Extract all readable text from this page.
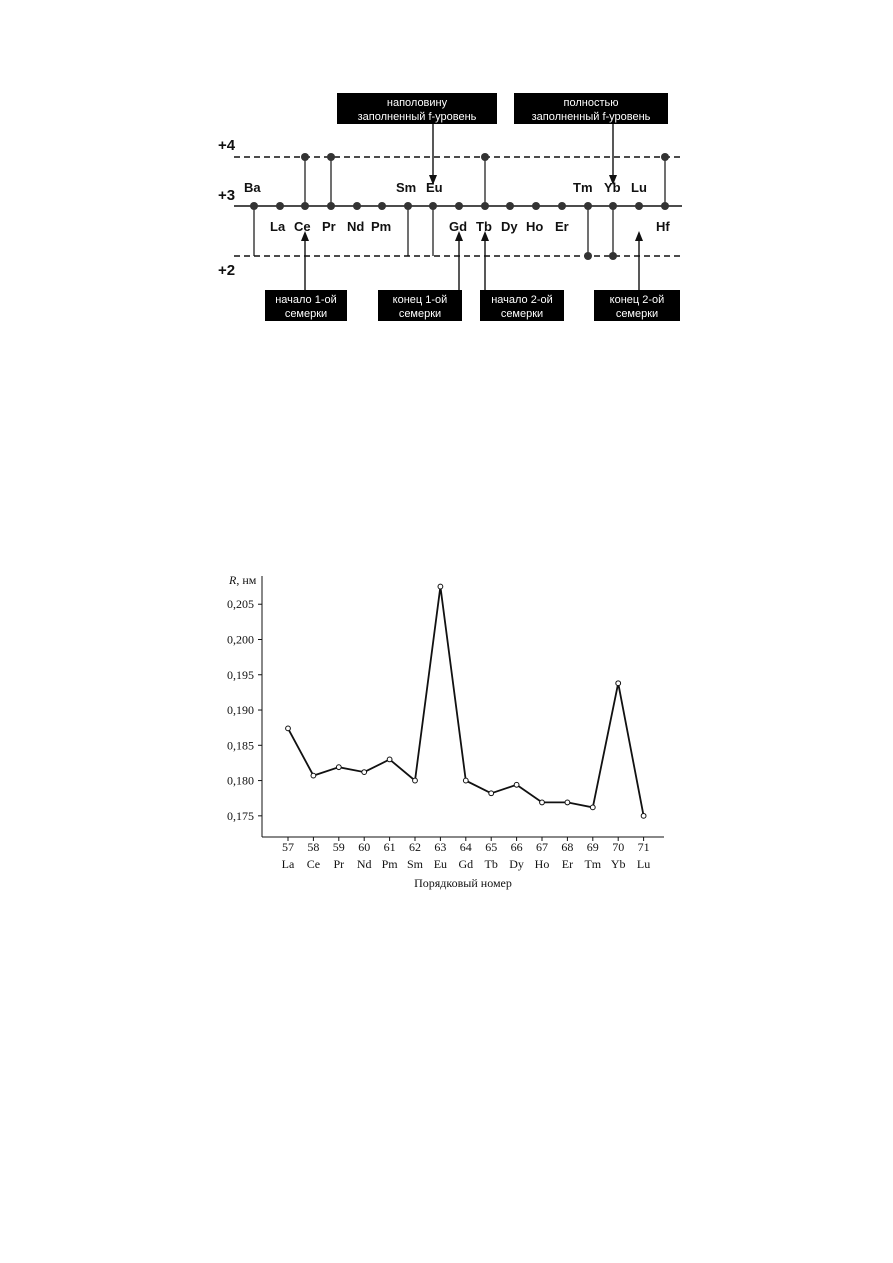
+4
+3
+2
Ba
La Ce Pr Nd Pm
Sm Eu
Gd Tb Dy Ho Er
Tm Yb Lu
Hf
наполовину
заполненный f-уровень
полностью
заполненный f-уровень
начало 1-ой
семерки
конец 1-ой
семерки
начало 2-ой
семерки
конец 2-ой
семерки
R, нм
0,175
0,180
0,185
0,190
0,195
0,200
0,205
57
La
58
Ce
59
Pr
60
Nd
61
Pm
62
Sm
63
Eu
64
Gd
65
Tb
66
Dy
67
Ho
68
Er
69
Tm
70
Yb
71
Lu
Порядковый номер
